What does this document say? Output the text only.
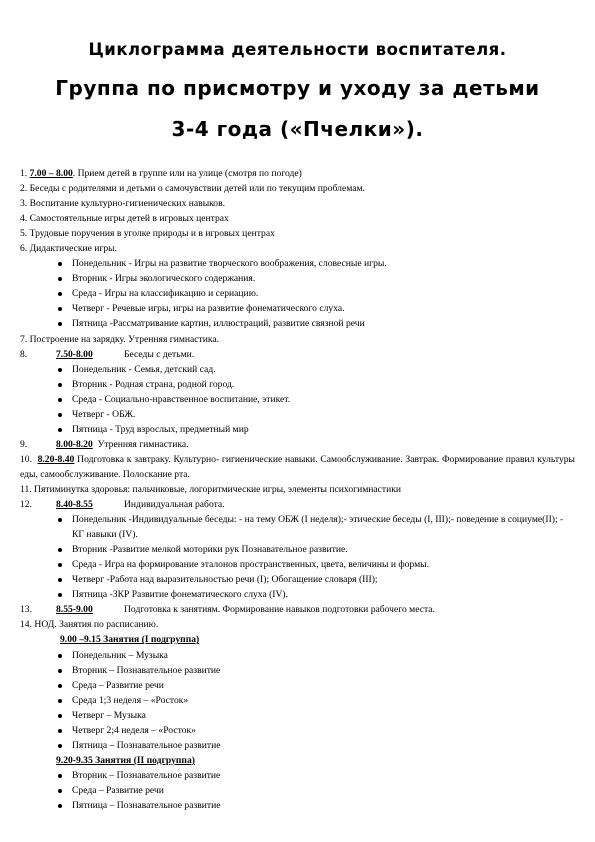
Циклограмма деятельности воспитателя.
Группа по присмотру и уходу за детьми
3-4 года («Пчелки»).
1. 7.00 – 8.00. Прием детей в группе или на улице (смотря по погоде)
2. Беседы с родителями и детьми о самочувствии детей или по текущим проблемам.
3. Воспитание культурно-гигиенических навыков.
4. Самостоятельные игры детей в игровых центрах
5. Трудовые поручения в уголке природы и в игровых центрах
6. Дидактические игры.
Понедельник - Игры на развитие творческого воображения, словесные игры.
Вторник - Игры экологического содержания.
Среда - Игры на классификацию и сериацию.
Четверг - Речевые игры, игры на развитие фонематического слуха.
Пятница -Рассматривание картин, иллюстраций, развитие связной речи
7. Построение на зарядку. Утренняя гимнастика.
8.	7.50-8.00	Беседы с детьми.
Понедельник - Семья, детский сад.
Вторник - Родная страна, родной город.
Среда - Социально-нравственное воспитание, этикет.
Четверг - ОБЖ.
Пятница - Труд взрослых, предметный мир
9.	8.00-8.20 Утренняя гимнастика.
10. 8.20-8.40 Подготовка к завтраку. Культурно- гигиенические навыки. Самообслуживание. Завтрак. Формирование правил культуры еды, самообслуживание. Полоскание рта.
11. Пятиминутка здоровья: пальчиковые, логоритмические игры, элементы психогимнастики
12.	8.40-8.55	Индивидуальная работа.
Понедельник -Индивидуальные беседы: - на тему ОБЖ (I неделя);- этические беседы (I, III);- поведение в социуме(II); - КГ навыки (IV).
Вторник -Развитие мелкой моторики рук Познавательное развитие.
Среда - Игра на формирование эталонов пространственных, цвета, величины и формы.
Четверг -Работа над выразительностью речи (I); Обогащение словаря (III);
Пятница -ЗКР Развитие фонематического слуха (IV).
13.	8.55-9.00	Подготовка к занятиям. Формирование навыков подготовки рабочего места.
14. НОД. Занятия по расписанию.
9.00 –9.15 Занятия (I подгруппа)
Понедельник – Музыка
Вторник – Познавательное развитие
Среда – Развитие речи
Среда 1;3 неделя – «Росток»
Четверг – Музыка
Четверг 2;4 неделя – «Росток»
Пятница – Познавательное развитие
9.20-9.35 Занятия (II подгруппа)
Вторник – Познавательное развитие
Среда – Развитие речи
Пятница – Познавательное развитие
